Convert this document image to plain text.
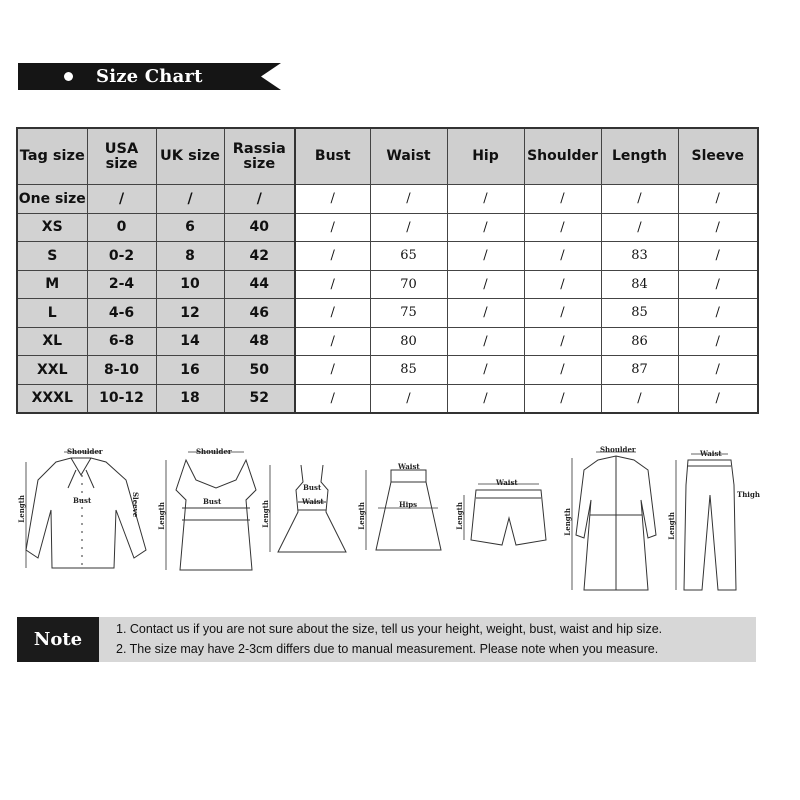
Size Chart
Tag size	USA size	UK size	Rassia size	Bust	Waist	Hip	Shoulder	Length	Sleeve
One size	/	/	/	/	/	/	/	/	/
XS	0	6	40	/	/	/	/	/	/
S	0-2	8	42	/	65	/	/	83	/
M	2-4	10	44	/	70	/	/	84	/
L	4-6	12	46	/	75	/	/	85	/
XL	6-8	14	48	/	80	/	/	86	/
XXL	8-10	16	50	/	85	/	/	87	/
XXXL	10-12	18	52	/	/	/	/	/	/
Shoulder
Bust
Length	Sleeve
Shoulder
Bust
Length
Bust
Waist
Length
Waist
Hips
Length
Waist
Length
Shoulder
Length
Waist
Thigh
Length
Note	1. Contact us if you are not sure about the size, tell us your height, weight, bust, waist and hip size.
2. The size may have 2-3cm differs due to manual measurement. Please note when you measure.
